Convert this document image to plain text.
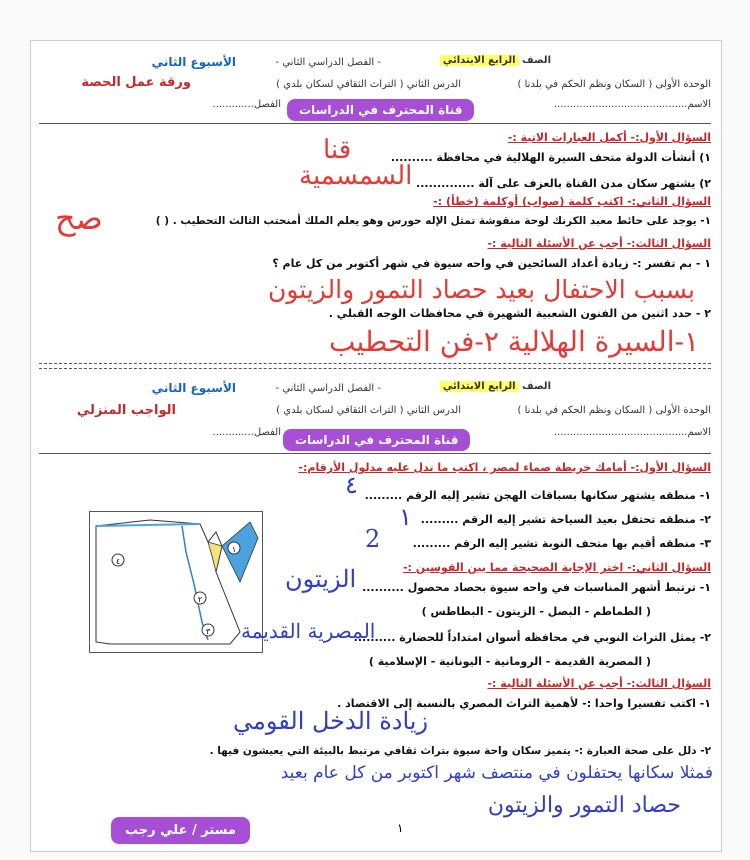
الصف الرابع الابتدائي
- الفصل الدراسي الثاني -
الأسبوع الثاني
الوحدة الأولى ( السكان ونظم الحكم في بلدنا )
الدرس الثاني ( التراث الثقافي لسكان بلدي )
ورقة عمل الحصة
الاسم..........................................
الفصل.............	قناة المحترف في الدراسات
السؤال الأول:- أكمل العبارات الاتية :-
١) أنشأت الدولة متحف السيرة الهلالية في محافظة ..........
٢) يشتهر سكان مدن القناة بالعزف على آلة ..............
قنا
السمسمية
السؤال الثاني:- اكتب كلمة (صواب) أوكلمة (خطأ) :-
١- يوجد على حائط معبد الكرنك لوحة منقوشة تمثل الإله حورس وهو يعلم الملك أمنحتب الثالث التحطيب . ( )
صح
السؤال الثالث:- أجب عن الأسئلة التالية :-
١ - بم تفسر :- زيادة أعداد السائحين في واحه سيوة في شهر أكتوبر من كل عام ؟
بسبب الاحتفال بعيد حصاد التمور والزيتون
٢ - حدد اثنين من الفنون الشعبية الشهيرة في محافظات الوجه القبلي .
١-السيرة الهلالية ٢-فن التحطيب
الصف الرابع الابتدائي
- الفصل الدراسي الثاني -
الأسبوع الثاني
الوحدة الأولى ( السكان ونظم الحكم في بلدنا )
الدرس الثاني ( التراث الثقافي لسكان بلدي )
الواجب المنزلي
الاسم..........................................
الفصل.............
قناة المحترف في الدراسات
السؤال الأول:- أمامك خريطة صماء لمصر ، اكتب ما تدل عليه مدلول الأرقام:-
١- منطقه يشتهر سكانها بسباقات الهجن تشير إليه الرقم .........
٢- منطقه تحتفل بعيد السياحة تشير إليه الرقم .........
٣- منطقه أقيم بها متحف النوبة تشير إليه الرقم .........
٤
١
2
١
٢
٣
٤	السؤال الثاني:- اختر الإجابة الصحيحة مما بين القوسين :-
١- ترتبط أشهر المناسبات في واحه سيوة بحصاد محصول ..........
( الطماطم - البصل - الزيتون - البطاطس )
الزيتون
٢- يمثل التراث النوبي في محافظه أسوان امتداداً للحضارة ..........
المصرية القديمة
( المصرية القديمة - الرومانية - اليونانية - الإسلامية )
السؤال الثالث:- أجب عن الأسئلة التالية :-
١- اكتب تفسيرا واحدا :- لأهمية التراث المصري بالنسبة إلى الاقتصاد .
زيادة الدخل القومي
٢- دلل على صحة العبارة :- يتميز سكان واحة سيوة بتراث ثقافي مرتبط بالبيئة التي يعيشون فيها .
فمثلا سكانها يحتفلون في منتصف شهر اكتوبر من كل عام بعيد
حصاد التمور والزيتون
مستر / علي رجب	١
